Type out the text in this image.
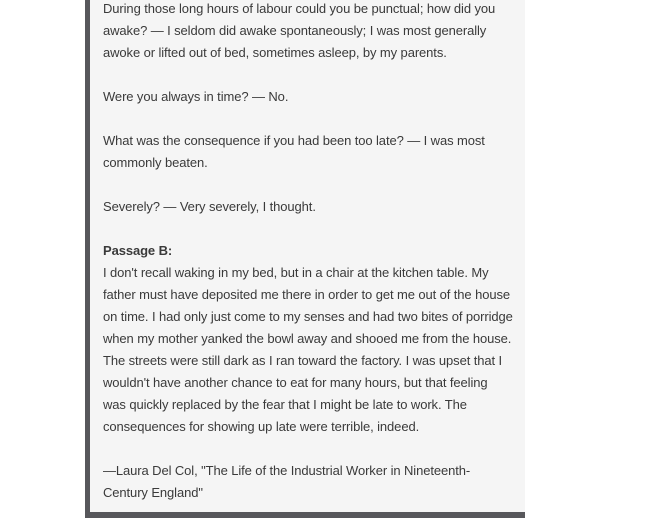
During those long hours of labour could you be punctual; how did you awake? — I seldom did awake spontaneously; I was most generally awoke or lifted out of bed, sometimes asleep, by my parents.

Were you always in time? — No.

What was the consequence if you had been too late? — I was most commonly beaten.

Severely? — Very severely, I thought.

Passage B:

I don't recall waking in my bed, but in a chair at the kitchen table. My father must have deposited me there in order to get me out of the house on time. I had only just come to my senses and had two bites of porridge when my mother yanked the bowl away and shooed me from the house. The streets were still dark as I ran toward the factory. I was upset that I wouldn't have another chance to eat for many hours, but that feeling was quickly replaced by the fear that I might be late to work. The consequences for showing up late were terrible, indeed.

—Laura Del Col, "The Life of the Industrial Worker in Nineteenth-Century England"
